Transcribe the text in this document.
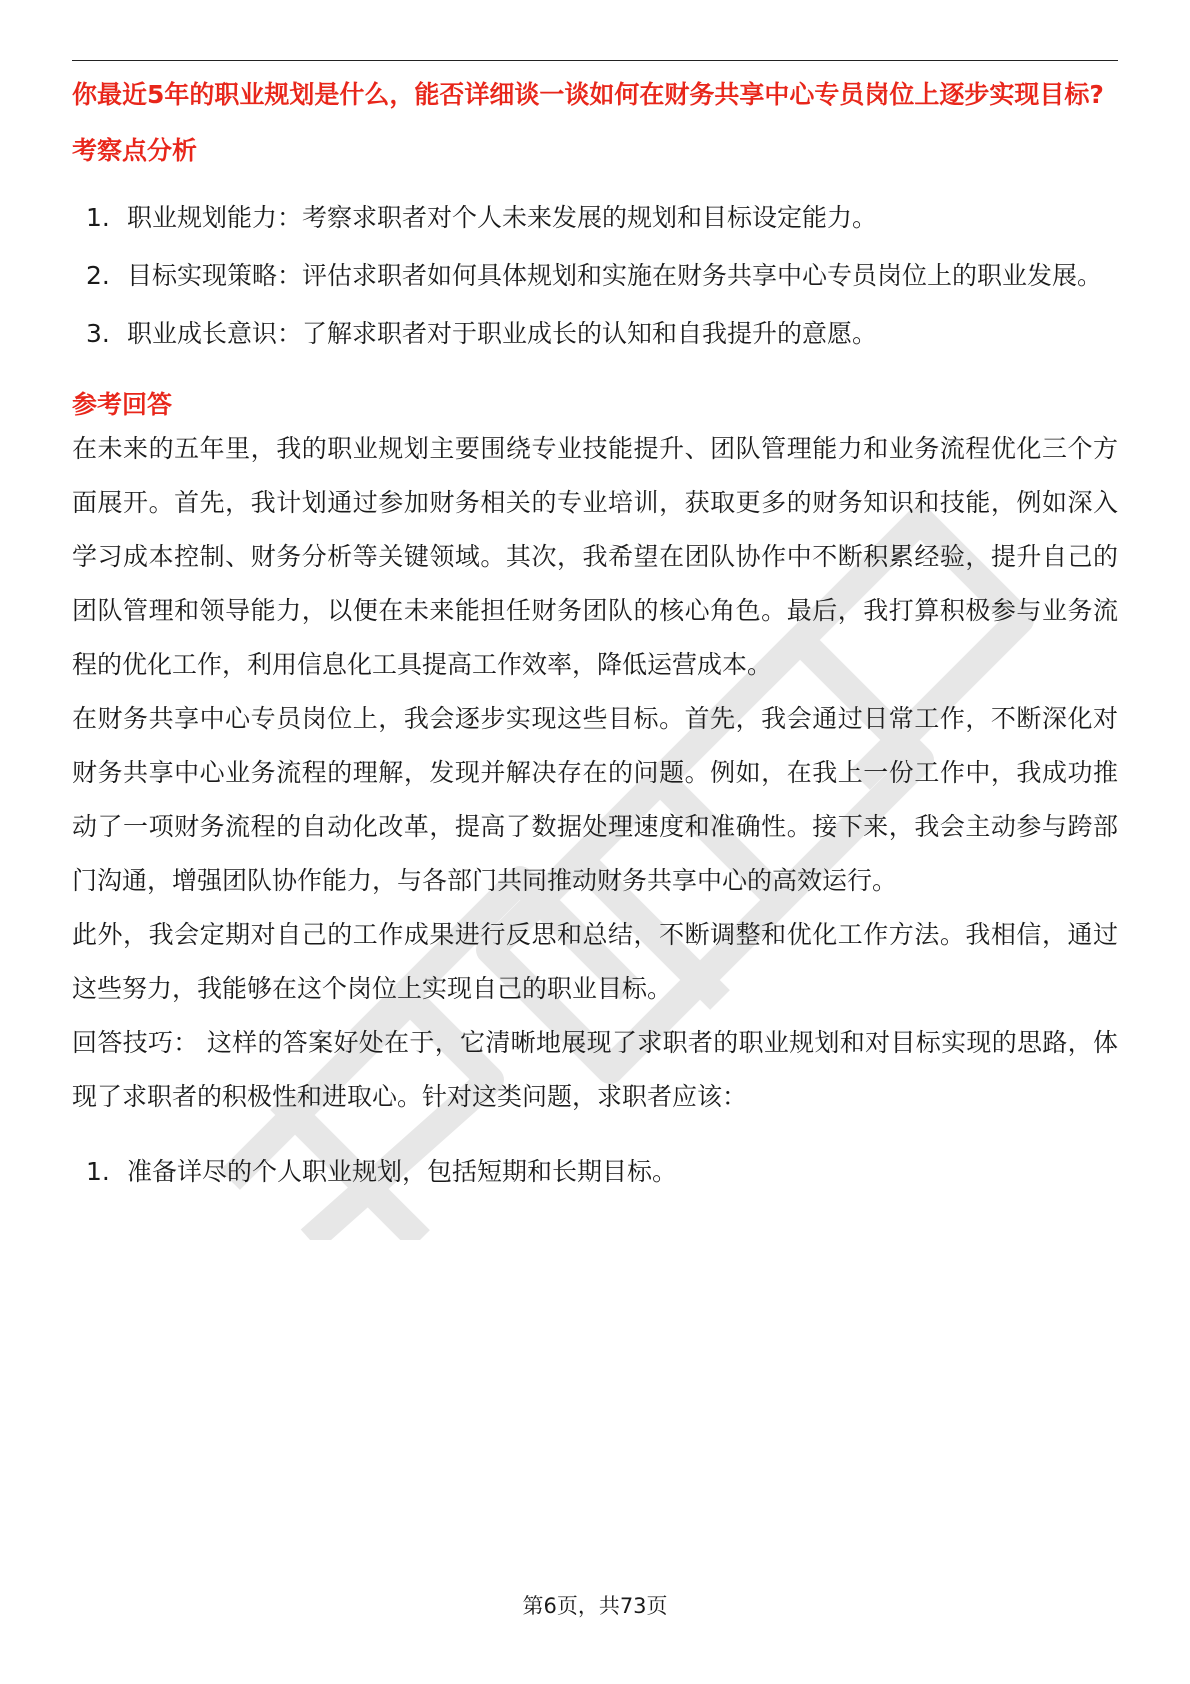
你最近5年的职业规划是什么，能否详细谈一谈如何在财务共享中心专员岗位上逐步实现目标?
考察点分析
1. 职业规划能力：考察求职者对个人未来发展的规划和目标设定能力。
2. 目标实现策略：评估求职者如何具体规划和实施在财务共享中心专员岗位上的职业发展。
3. 职业成长意识：了解求职者对于职业成长的认知和自我提升的意愿。
参考回答

在未来的五年里，我的职业规划主要围绕专业技能提升、团队管理能力和业务流程优化三个方面展开。首先，我计划通过参加财务相关的专业培训，获取更多的财务知识和技能，例如深入学习成本控制、财务分析等关键领域。其次，我希望在团队协作中不断积累经验，提升自己的团队管理和领导能力，以便在未来能担任财务团队的核心角色。最后，我打算积极参与业务流程的优化工作，利用信息化工具提高工作效率，降低运营成本。

在财务共享中心专员岗位上，我会逐步实现这些目标。首先，我会通过日常工作，不断深化对财务共享中心业务流程的理解，发现并解决存在的问题。例如，在我上一份工作中，我成功推动了一项财务流程的自动化改革，提高了数据处理速度和准确性。接下来，我会主动参与跨部门沟通，增强团队协作能力，与各部门共同推动财务共享中心的高效运行。

此外，我会定期对自己的工作成果进行反思和总结，不断调整和优化工作方法。我相信，通过这些努力，我能够在这个岗位上实现自己的职业目标。

回答技巧： 这样的答案好处在于，它清晰地展现了求职者的职业规划和对目标实现的思路，体现了求职者的积极性和进取心。针对这类问题，求职者应该：

1. 准备详尽的个人职业规划，包括短期和长期目标。
第6页，共73页
